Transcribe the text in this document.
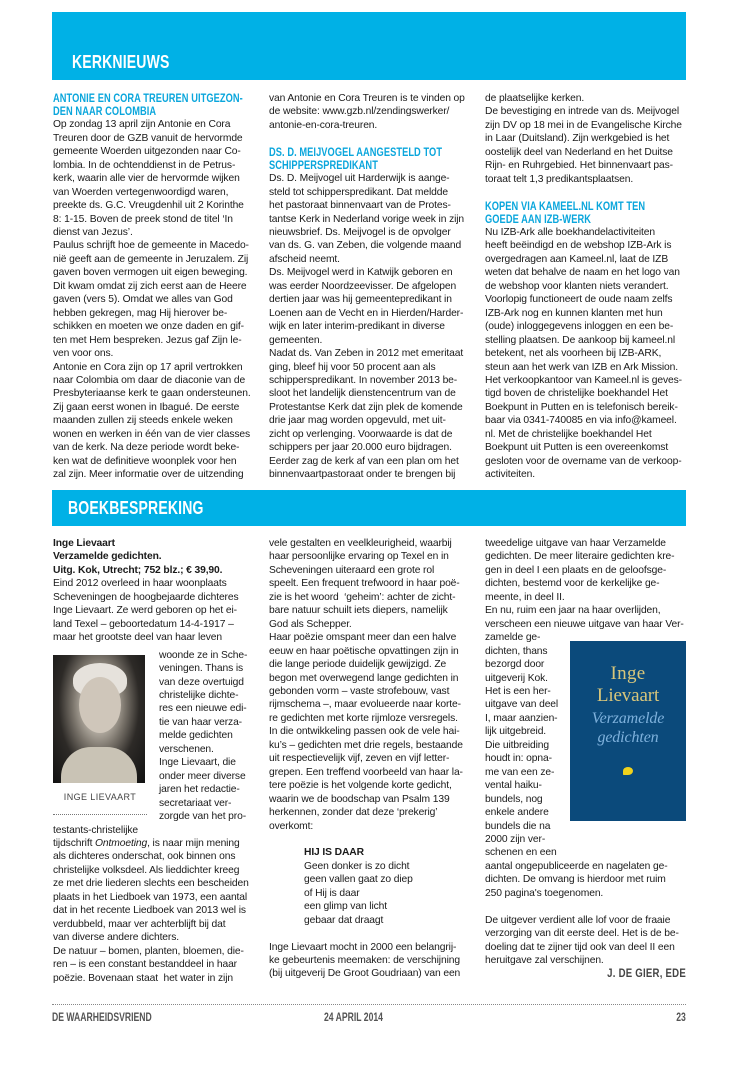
KERKNIEUWS
ANTONIE EN CORA TREUREN UITGEZON-
DEN NAAR COLOMBIA

Op zondag 13 april zijn Antonie en Cora
Treuren door de GZB vanuit de hervormde
gemeente Woerden uitgezonden naar Co-
lombia. In de ochtenddienst in de Petrus-
kerk, waarin alle vier de hervormde wijken
van Woerden vertegenwoordigd waren,
preekte ds. G.C. Vreugdenhil uit 2 Korinthe
8: 1-15. Boven de preek stond de titel ‘In
dienst van Jezus’.
Paulus schrijft hoe de gemeente in Macedo-
nië geeft aan de gemeente in Jeruzalem. Zij
gaven boven vermogen uit eigen beweging.
Dit kwam omdat zij zich eerst aan de Heere
gaven (vers 5). Omdat we alles van God
hebben gekregen, mag Hij hierover be-
schikken en moeten we onze daden en gif-
ten met Hem bespreken. Jezus gaf Zijn le-
ven voor ons.
Antonie en Cora zijn op 17 april vertrokken
naar Colombia om daar de diaconie van de
Presbyteriaanse kerk te gaan ondersteunen.
Zij gaan eerst wonen in Ibagué. De eerste
maanden zullen zij steeds enkele weken
wonen en werken in één van de vier classes
van de kerk. Na deze periode wordt beke-
ken wat de definitieve woonplek voor hen
zal zijn. Meer informatie over de uitzending

van Antonie en Cora Treuren is te vinden op
de website: www.gzb.nl/zendingswerker/
antonie-en-cora-treuren.

DS. D. MEIJVOGEL AANGESTELD TOT
SCHIPPERSPREDIKANT

Ds. D. Meijvogel uit Harderwijk is aange-
steld tot schipperspredikant. Dat meldde
het pastoraat binnenvaart van de Protes-
tantse Kerk in Nederland vorige week in zijn
nieuwsbrief. Ds. Meijvogel is de opvolger
van ds. G. van Zeben, die volgende maand
afscheid neemt.
Ds. Meijvogel werd in Katwijk geboren en
was eerder Noordzeevisser. De afgelopen
dertien jaar was hij gemeentepredikant in
Loenen aan de Vecht en in Hierden/Harder-
wijk en later interim-predikant in diverse
gemeenten.
Nadat ds. Van Zeben in 2012 met emeritaat
ging, bleef hij voor 50 procent aan als
schipperspredikant. In november 2013 be-
sloot het landelijk dienstencentrum van de
Protestantse Kerk dat zijn plek de komende
drie jaar mag worden opgevuld, met uit-
zicht op verlenging. Voorwaarde is dat de
schippers per jaar 20.000 euro bijdragen.
Eerder zag de kerk af van een plan om het
binnenvaartpastoraat onder te brengen bij

de plaatselijke kerken.
De bevestiging en intrede van ds. Meijvogel
zijn DV op 18 mei in de Evangelische Kirche
in Laar (Duitsland). Zijn werkgebied is het
oostelijk deel van Nederland en het Duitse
Rijn- en Ruhrgebied. Het binnenvaart pas-
toraat telt 1,3 predikantsplaatsen.

KOPEN VIA KAMEEL.NL KOMT TEN
GOEDE AAN IZB-WERK

Nu IZB-Ark alle boekhandelactiviteiten
heeft beëindigd en de webshop IZB-Ark is
overgedragen aan Kameel.nl, laat de IZB
weten dat behalve de naam en het logo van
de webshop voor klanten niets verandert.
Voorlopig functioneert de oude naam zelfs
IZB-Ark nog en kunnen klanten met hun
(oude) inloggegevens inloggen en een be-
stelling plaatsen. De aankoop bij kameel.nl
betekent, net als voorheen bij IZB-ARK,
steun aan het werk van IZB en Ark Mission.
Het verkoopkantoor van Kameel.nl is geves-
tigd boven de christelijke boekhandel Het
Boekpunt in Putten en is telefonisch bereik-
baar via 0341-740085 en via info@kameel.
nl. Met de christelijke boekhandel Het
Boekpunt uit Putten is een overeenkomst
gesloten voor de overname van de verkoop-
activiteiten.

BOEKBESPREKING

Inge Lievaart
Verzamelde gedichten.
Uitg. Kok, Utrecht; 752 blz.; € 39,90.

Eind 2012 overleed in haar woonplaats
Scheveningen de hoogbejaarde dichteres
Inge Lievaart. Ze werd geboren op het ei-
land Texel – geboortedatum 14-4-1917 –
maar het grootste deel van haar leven

INGE LIEVAART

woonde ze in Sche-
veningen. Thans is
van deze overtuigd
christelijke dichte-
res een nieuwe edi-
tie van haar verza-
melde gedichten
verschenen.
Inge Lievaart, die
onder meer diverse
jaren het redactie-
secretariaat ver-
zorgde van het pro-
testants-christelijke

tijdschrift Ontmoeting, is naar mijn mening

als dichteres onderschat, ook binnen ons
christelijke volksdeel. Als lieddichter kreeg
ze met drie liederen slechts een bescheiden
plaats in het Liedboek van 1973, een aantal
dat in het recente Liedboek van 2013 wel is
verdubbeld, maar ver achterblijft bij dat
van diverse andere dichters.
De natuur – bomen, planten, bloemen, die-
ren – is een constant bestanddeel in haar
poëzie. Bovenaan staat  het water in zijn

vele gestalten en veelkleurigheid, waarbij
haar persoonlijke ervaring op Texel en in
Scheveningen uiteraard een grote rol
speelt. Een frequent trefwoord in haar poë-
zie is het woord  ‘geheim’: achter de zicht-
bare natuur schuilt iets diepers, namelijk
God als Schepper.
Haar poëzie omspant meer dan een halve
eeuw en haar poëtische opvattingen zijn in
die lange periode duidelijk gewijzigd. Ze
begon met overwegend lange gedichten in
gebonden vorm – vaste strofebouw, vast
rijmschema –, maar evolueerde naar korte-
re gedichten met korte rijmloze versregels.
In die ontwikkeling passen ook de vele hai-
ku’s – gedichten met drie regels, bestaande
uit respectievelijk vijf, zeven en vijf letter-
grepen. Een treffend voorbeeld van haar la-
tere poëzie is het volgende korte gedicht,
waarin we de boodschap van Psalm 139
herkennen, zonder dat deze ‘prekerig’
overkomt:

HIJ IS DAAR

Geen donker is zo dicht
geen vallen gaat zo diep
of Hij is daar
een glimp van licht
gebaar dat draagt

Inge Lievaart mocht in 2000 een belangrij-
ke gebeurtenis meemaken: de verschijning
(bij uitgeverij De Groot Goudriaan) van een

tweedelige uitgave van haar Verzamelde
gedichten. De meer literaire gedichten kre-
gen in deel I een plaats en de geloofsge-
dichten, bestemd voor de kerkelijke ge-
meente, in deel II.
En nu, ruim een jaar na haar overlijden,
verscheen een nieuwe uitgave van haar Ver-

Inge
Lievaart
Verzamelde
gedichten

zamelde ge-
dichten, thans
bezorgd door
uitgeverij Kok.
Het is een her-
uitgave van deel
I, maar aanzien-
lijk uitgebreid.
Die uitbreiding
houdt in: opna-
me van een ze-
vental haiku-
bundels, nog
enkele andere
bundels die na
2000 zijn ver-
schenen en een

aantal ongepubliceerde en nagelaten ge-
dichten. De omvang is hierdoor met ruim
250 pagina's toegenomen.

De uitgever verdient alle lof voor de fraaie
verzorging van dit eerste deel. Het is de be-
doeling dat te zijner tijd ook van deel II een
heruitgave zal verschijnen.

J. DE GIER, EDE
DE WAARHEIDSVRIEND	24 APRIL 2014	23
